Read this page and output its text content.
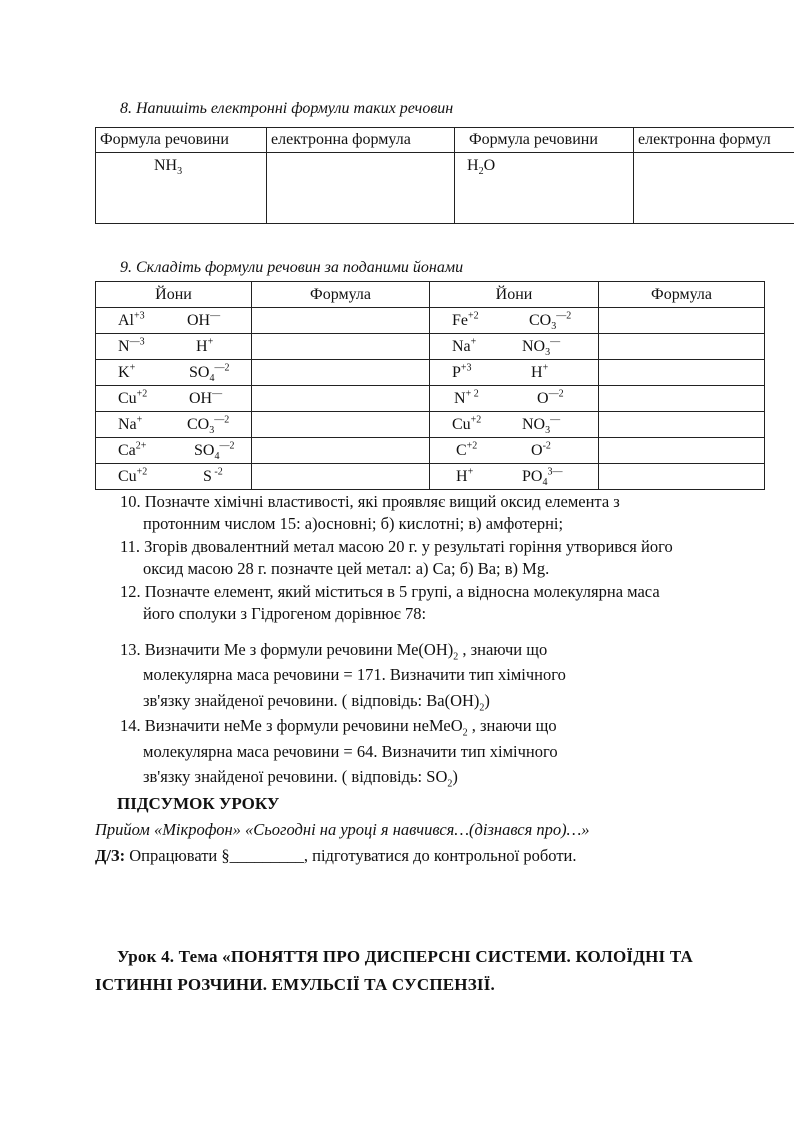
8. Напишіть електронні формули таких речовин
Формула речовини	електронна формула	Формула речовини	електронна формул

$NH_3$		$H_2O$	

9. Складіть формули речовин за поданими йонами
Йони	Формула	Йони	Формула

$Al^{+3}$ OH—		$Fe^{+2}$ $CO_3^{—2}$

$N^{—3}$ H+		Na+ $NO_3^—$

K+ $SO_4^{—2}$		$P^{+3}$ H+

$Cu^{+2}$ OH—		$N^{+ 2}$ $O^{—2}$

Na+ $CO_3^{—2}$		$Cu^{+2}$ $NO_3^—$

$Ca^{2+}$ $SO_4^{—2}$		$C^{+2}$ $O^{-2}$

$Cu^{+2}$ S $^{-2}$		H+ $PO_4^{3—}$

10. Позначте хімічні властивості, які проявляє вищий оксид елемента з
протонним числом 15: а)основні; б) кислотні; в) амфотерні;
11. Згорів двовалентний метал масою 20 г. у результаті горіння утворився його
оксид масою 28 г. позначте цей метал: а) Са; б) Ва; в) Mg.
12. Позначте елемент, який міститься в 5 групі, а відносна молекулярна маса
його сполуки з Гідрогеном дорівнює 78:
13. Визначити Ме з формули речовини $Ме(ОН)_2$ , знаючи що
молекулярна маса речовини = 171. Визначити тип хімічного
зв'язку знайденої речовини. ( відповідь: $Ba(OH)_2$)
14. Визначити неМе з формули речовини неМеО$_2$ , знаючи що
молекулярна маса речовини = 64. Визначити тип хімічного
зв'язку знайденої речовини. ( відповідь: $SO_2$)
ПІДСУМОК УРОКУ
Прийом «Мікрофон» «Сьогодні на уроці я навчився…(дізнався про)…»
Д/З: Опрацювати §_________, підготуватися до контрольної роботи.
Урок 4. Тема «ПОНЯТТЯ ПРО ДИСПЕРСНІ СИСТЕМИ. КОЛОЇДНІ ТА
ІСТИННІ РОЗЧИНИ. ЕМУЛЬСІЇ ТА СУСПЕНЗІЇ.
